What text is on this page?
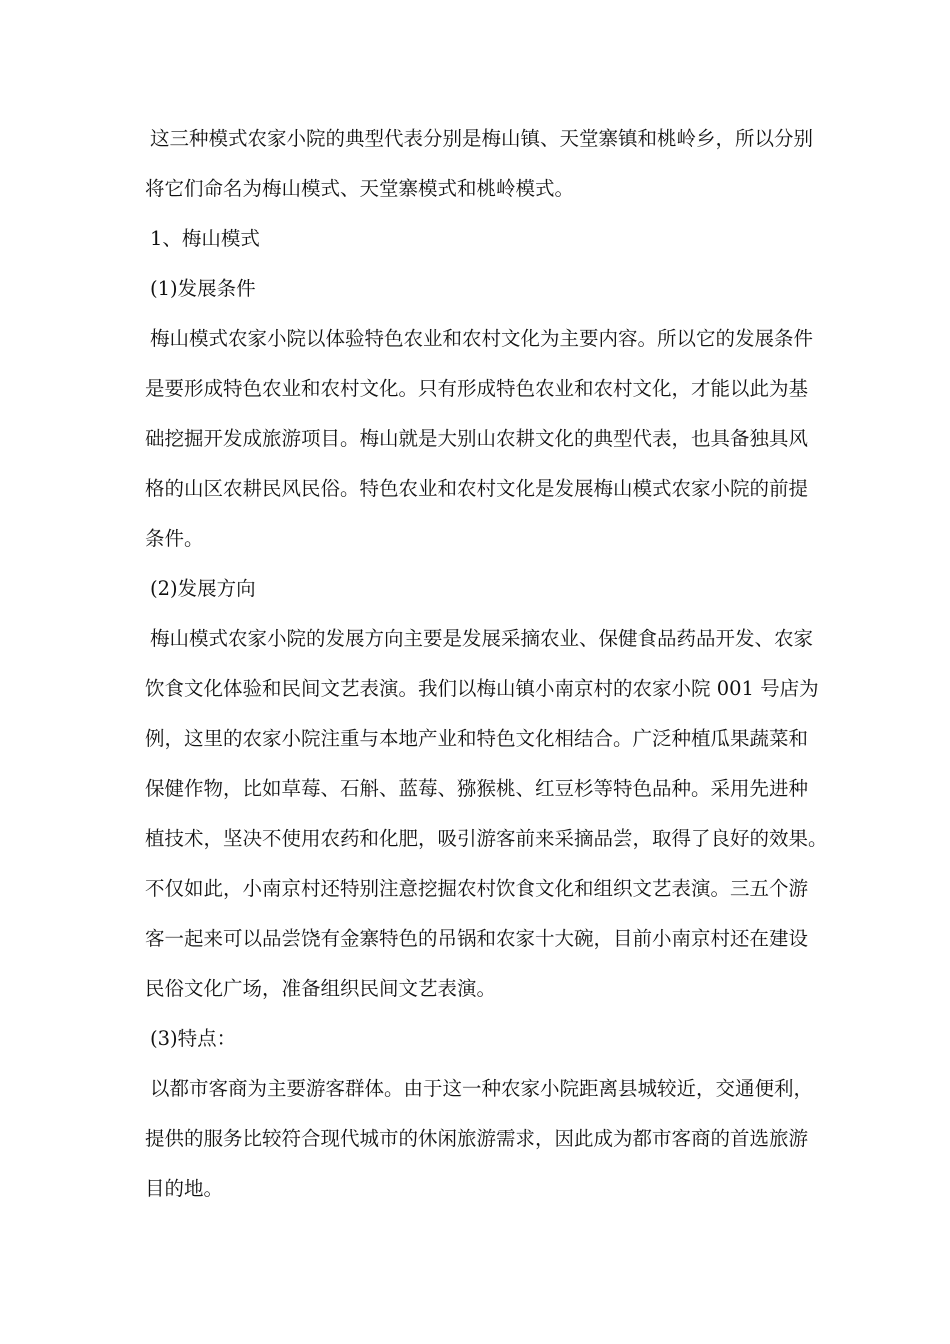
这三种模式农家小院的典型代表分别是梅山镇、天堂寨镇和桃岭乡，所以分别
将它们命名为梅山模式、天堂寨模式和桃岭模式。
1、梅山模式
(1)发展条件
梅山模式农家小院以体验特色农业和农村文化为主要内容。所以它的发展条件
是要形成特色农业和农村文化。只有形成特色农业和农村文化，才能以此为基
础挖掘开发成旅游项目。梅山就是大别山农耕文化的典型代表，也具备独具风
格的山区农耕民风民俗。特色农业和农村文化是发展梅山模式农家小院的前提
条件。
(2)发展方向
梅山模式农家小院的发展方向主要是发展采摘农业、保健食品药品开发、农家
饮食文化体验和民间文艺表演。我们以梅山镇小南京村的农家小院 001 号店为
例，这里的农家小院注重与本地产业和特色文化相结合。广泛种植瓜果蔬菜和
保健作物，比如草莓、石斛、蓝莓、猕猴桃、红豆杉等特色品种。采用先进种
植技术，坚决不使用农药和化肥，吸引游客前来采摘品尝，取得了良好的效果。
不仅如此，小南京村还特别注意挖掘农村饮食文化和组织文艺表演。三五个游
客一起来可以品尝饶有金寨特色的吊锅和农家十大碗，目前小南京村还在建设
民俗文化广场，准备组织民间文艺表演。
(3)特点：
以都市客商为主要游客群体。由于这一种农家小院距离县城较近，交通便利，
提供的服务比较符合现代城市的休闲旅游需求，因此成为都市客商的首选旅游
目的地。
